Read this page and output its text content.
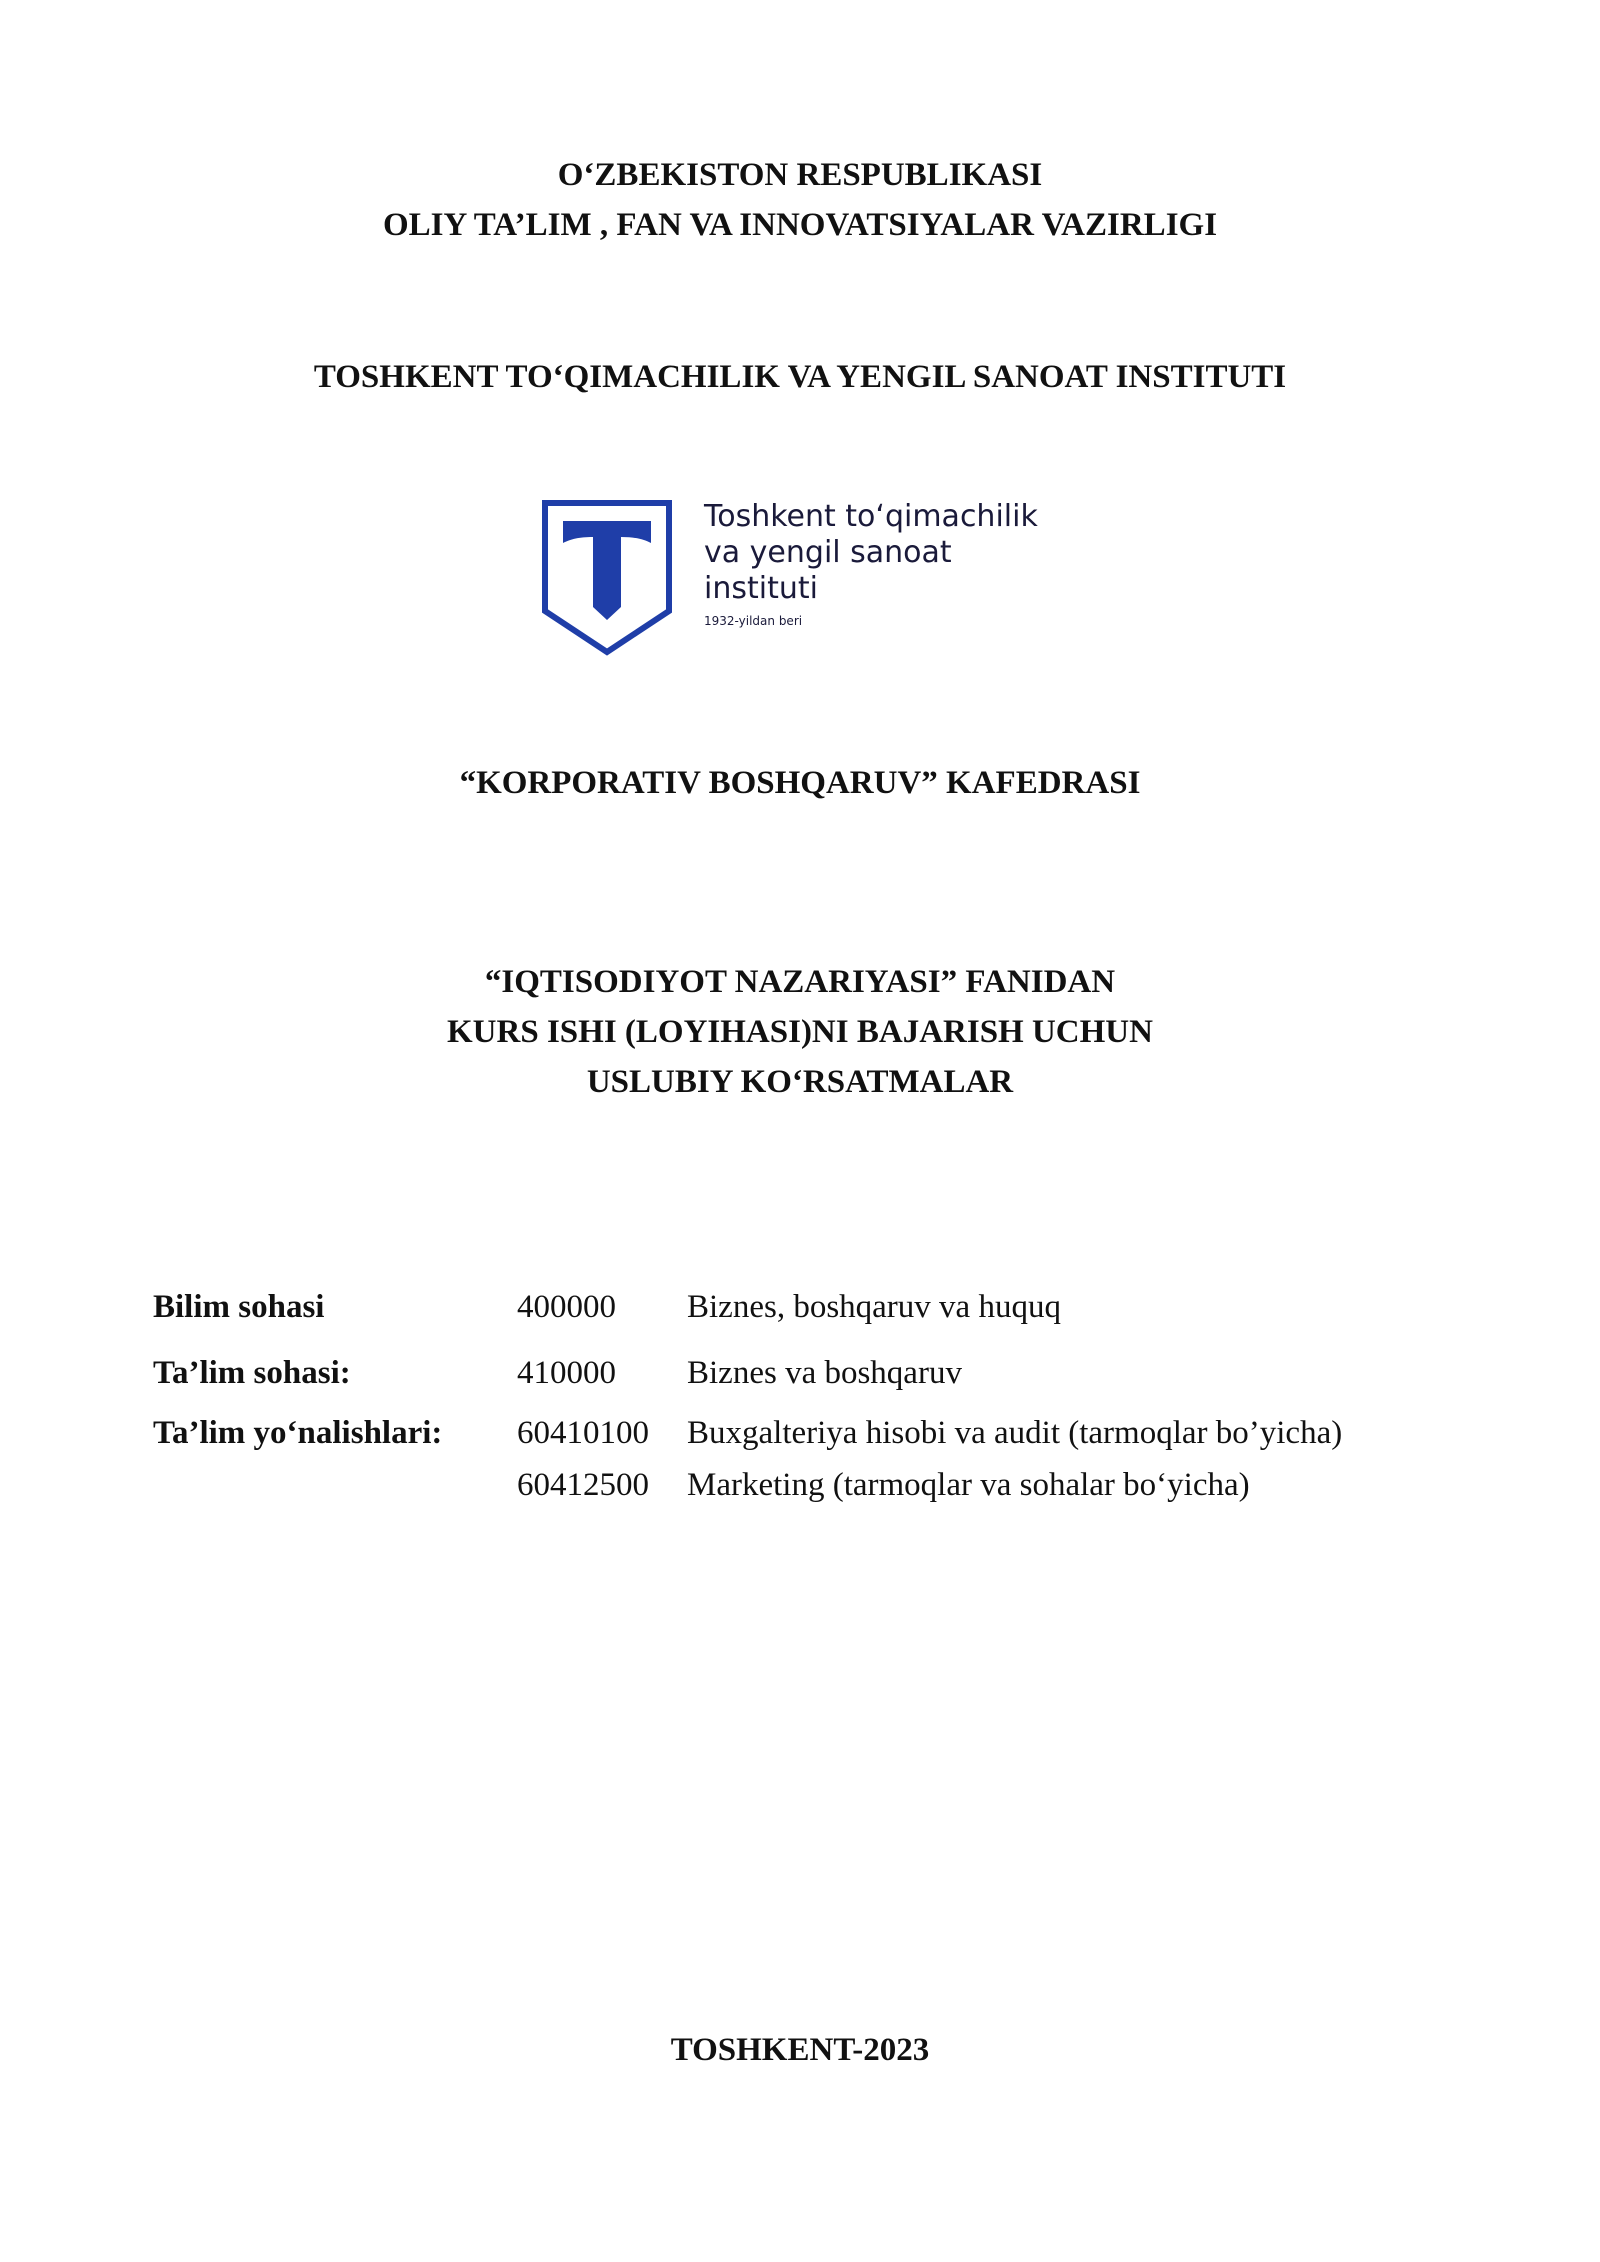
O‘ZBEKISTON RESPUBLIKASI
OLIY TA’LIM , FAN VA INNOVATSIYALAR VAZIRLIGI
TOSHKENT TO‘QIMACHILIK VA YENGIL SANOAT INSTITUTI
Toshkent to‘qimachilik
va yengil sanoat
instituti
1932-yildan beri
“KORPORATIV BOSHQARUV” KAFEDRASI
“IQTISODIYOT NAZARIYASI” FANIDAN
KURS ISHI (LOYIHASI)NI BAJARISH UCHUN
USLUBIY KO‘RSATMALAR
Bilim sohasi	400000	Biznes, boshqaruv va huquq
Ta’lim sohasi:	410000	Biznes va boshqaruv
Ta’lim yo‘nalishlari:	60410100	Buxgalteriya hisobi va audit (tarmoqlar bo’yicha)
	60412500	Marketing (tarmoqlar va sohalar bo‘yicha)
TOSHKENT-2023
